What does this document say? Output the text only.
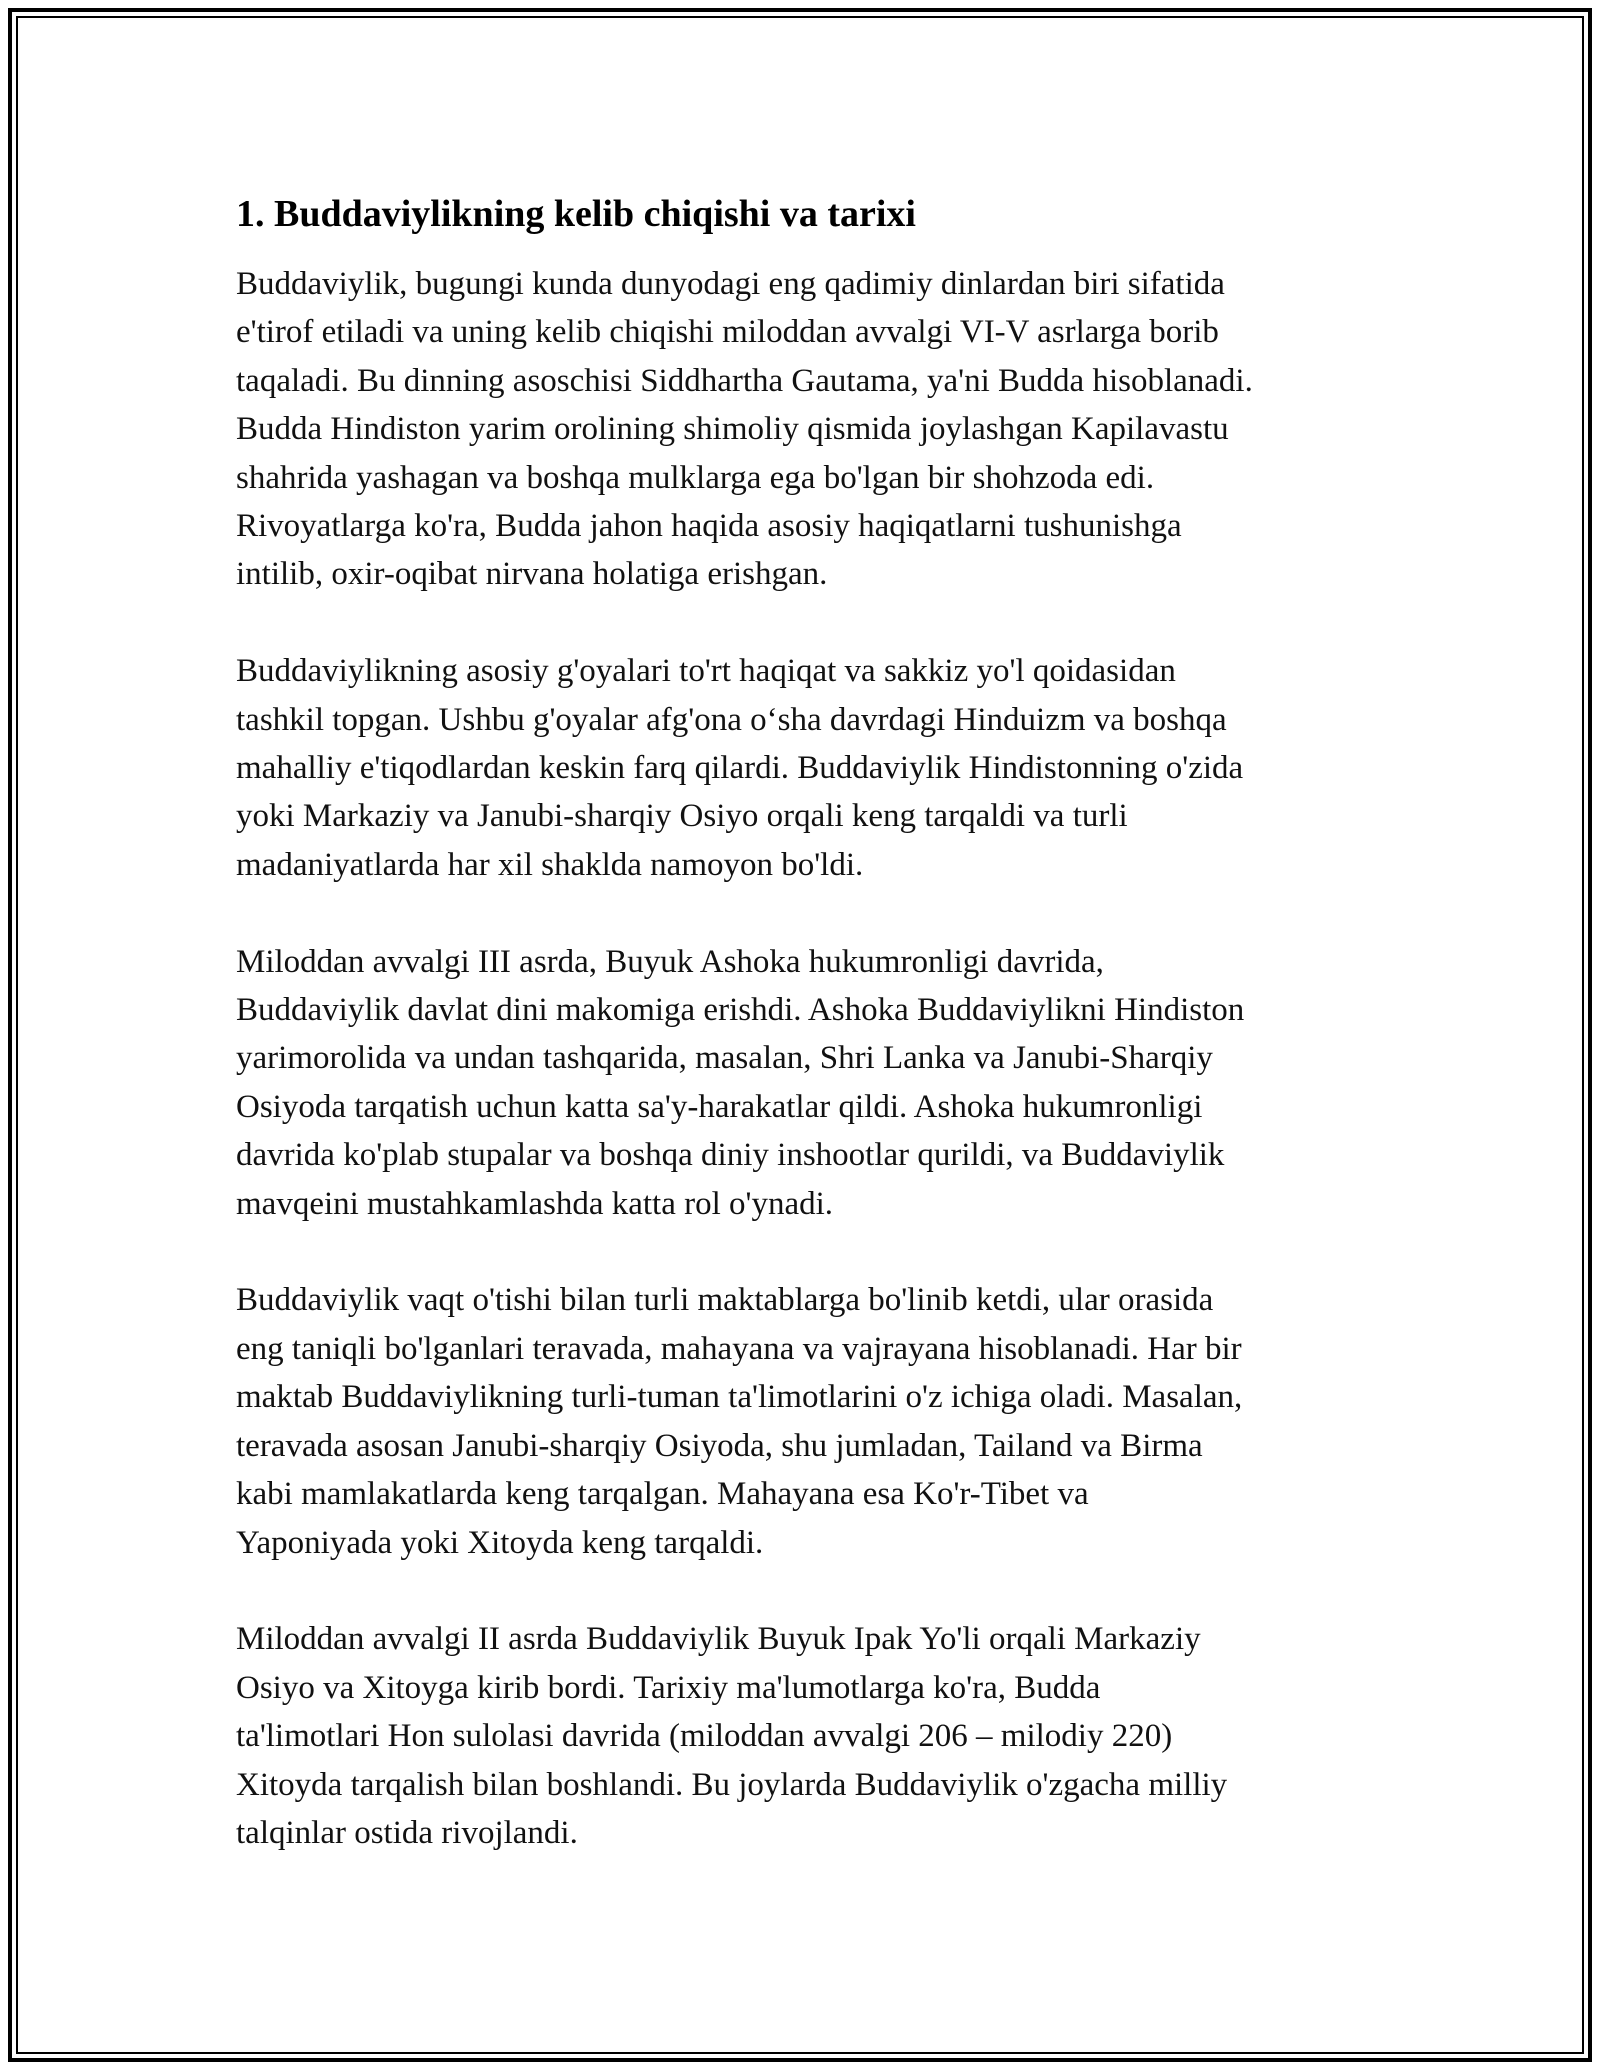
1. Buddaviylikning kelib chiqishi va tarixi

Buddaviylik, bugungi kunda dunyodagi eng qadimiy dinlardan biri sifatida
e'tirof etiladi va uning kelib chiqishi miloddan avvalgi VI-V asrlarga borib
taqaladi. Bu dinning asoschisi Siddhartha Gautama, ya'ni Budda hisoblanadi.
Budda Hindiston yarim orolining shimoliy qismida joylashgan Kapilavastu
shahrida yashagan va boshqa mulklarga ega bo'lgan bir shohzoda edi.
Rivoyatlarga ko'ra, Budda jahon haqida asosiy haqiqatlarni tushunishga
intilib, oxir-oqibat nirvana holatiga erishgan.

Buddaviylikning asosiy g'oyalari to'rt haqiqat va sakkiz yo'l qoidasidan
tashkil topgan. Ushbu g'oyalar afg'ona o‘sha davrdagi Hinduizm va boshqa
mahalliy e'tiqodlardan keskin farq qilardi. Buddaviylik Hindistonning o'zida
yoki Markaziy va Janubi-sharqiy Osiyo orqali keng tarqaldi va turli
madaniyatlarda har xil shaklda namoyon bo'ldi.

Miloddan avvalgi III asrda, Buyuk Ashoka hukumronligi davrida,
Buddaviylik davlat dini makomiga erishdi. Ashoka Buddaviylikni Hindiston
yarimorolida va undan tashqarida, masalan, Shri Lanka va Janubi-Sharqiy
Osiyoda tarqatish uchun katta sa'y-harakatlar qildi. Ashoka hukumronligi
davrida ko'plab stupalar va boshqa diniy inshootlar qurildi, va Buddaviylik
mavqeini mustahkamlashda katta rol o'ynadi.

Buddaviylik vaqt o'tishi bilan turli maktablarga bo'linib ketdi, ular orasida
eng taniqli bo'lganlari teravada, mahayana va vajrayana hisoblanadi. Har bir
maktab Buddaviylikning turli-tuman ta'limotlarini o'z ichiga oladi. Masalan,
teravada asosan Janubi-sharqiy Osiyoda, shu jumladan, Tailand va Birma
kabi mamlakatlarda keng tarqalgan. Mahayana esa Ko'r-Tibet va
Yaponiyada yoki Xitoyda keng tarqaldi.

Miloddan avvalgi II asrda Buddaviylik Buyuk Ipak Yo'li orqali Markaziy
Osiyo va Xitoyga kirib bordi. Tarixiy ma'lumotlarga ko'ra, Budda
ta'limotlari Hon sulolasi davrida (miloddan avvalgi 206 – milodiy 220)
Xitoyda tarqalish bilan boshlandi. Bu joylarda Buddaviylik o'zgacha milliy
talqinlar ostida rivojlandi.
